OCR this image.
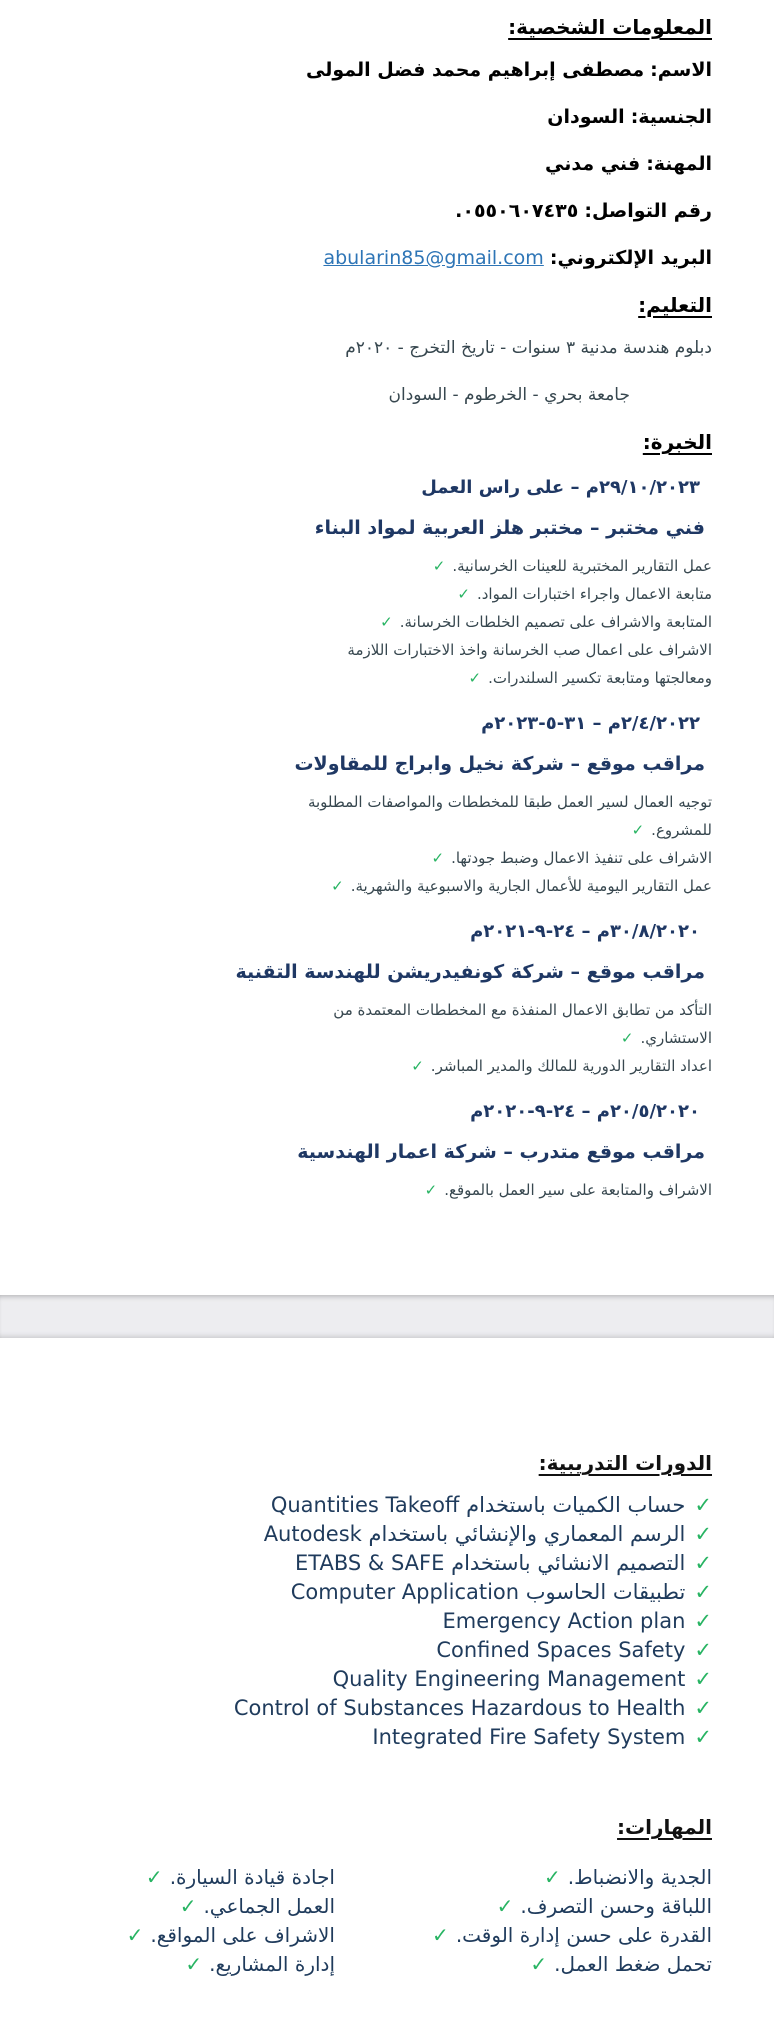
المعلومات الشخصية:

الاسم: مصطفى إبراهيم محمد فضل المولى

الجنسية: السودان

المهنة: فني مدني

رقم التواصل: ٠٥٥٠٦٠٧٤٣٥.

البريد الإلكتروني: abularin85@gmail.com

التعليم:

دبلوم هندسة مدنية ٣ سنوات - تاريخ التخرج - ٢٠٢٠م

جامعة بحري - الخرطوم - السودان

الخبرة:

٢٩/١٠/٢٠٢٣م – على راس العمل

فني مختبر – مختبر هلز العربية لمواد البناء

عمل التقارير المختبرية للعينات الخرسانية.✓
متابعة الاعمال واجراء اختبارات المواد.✓
المتابعة والاشراف على تصميم الخلطات الخرسانة.✓
الاشراف على اعمال صب الخرسانة واخذ الاختبارات اللازمة ومعالجتها ومتابعة تكسير السلندرات.✓

٢/٤/٢٠٢٢م – ٣١-٥-٢٠٢٣م

مراقب موقع – شركة نخيل وابراج للمقاولات

توجيه العمال لسير العمل طبقا للمخططات والمواصفات المطلوبة للمشروع.✓
الاشراف على تنفيذ الاعمال وضبط جودتها.✓
عمل التقارير اليومية للأعمال الجارية والاسبوعية والشهرية.✓

٣٠/٨/٢٠٢٠م – ٢٤-٩-٢٠٢١م

مراقب موقع – شركة كونفيدريشن للهندسة التقنية

التأكد من تطابق الاعمال المنفذة مع المخططات المعتمدة من الاستشاري.✓
اعداد التقارير الدورية للمالك والمدير المباشر.✓

٢٠/٥/٢٠٢٠م – ٢٤-٩-٢٠٢٠م

مراقب موقع متدرب – شركة اعمار الهندسية

الاشراف والمتابعة على سير العمل بالموقع.✓
الدورات التدريبية:
✓حساب الكميات باستخدام Quantities Takeoff
✓الرسم المعماري والإنشائي باستخدام Autodesk
✓التصميم الانشائي باستخدام ETABS & SAFE
✓تطبيقات الحاسوب Computer Application
✓Emergency Action plan
✓Confined Spaces Safety
✓Quality Engineering Management
✓Control of Substances Hazardous to Health
✓Integrated Fire Safety System
المهارات:
الجدية والانضباط.✓
اللباقة وحسن التصرف.✓
القدرة على حسن إدارة الوقت.✓
تحمل ضغط العمل.✓
اجادة قيادة السيارة.✓
العمل الجماعي.✓
الاشراف على المواقع.✓
إدارة المشاريع.✓
